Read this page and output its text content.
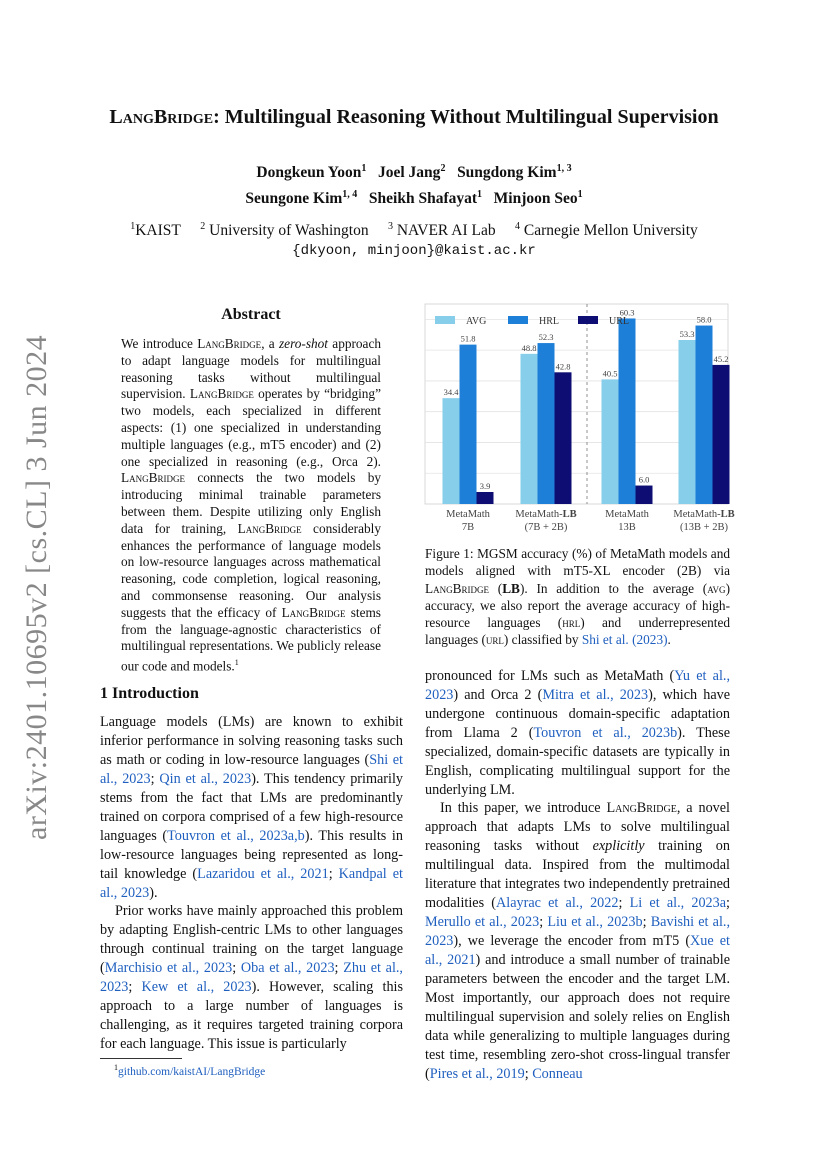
arXiv:2401.10695v2 [cs.CL] 3 Jun 2024
LangBridge: Multilingual Reasoning Without Multilingual Supervision
Dongkeun Yoon$^1$ Joel Jang$^2$ Sungdong Kim$^{1, 3}$
Seungone Kim$^{1, 4}$ Sheikh Shafayat$^1$ Minjoon Seo$^1$
$^1$KAIST $^2$ University of Washington $^3$ NAVER AI Lab $^4$ Carnegie Mellon University
{dkyoon, minjoon}@kaist.ac.kr
Abstract
We introduce LangBridge, a zero-shot approach to adapt language models for multilingual reasoning tasks without multilingual supervision. LangBridge operates by “bridging” two models, each specialized in different aspects: (1) one specialized in understanding multiple languages (e.g., mT5 encoder) and (2) one specialized in reasoning (e.g., Orca 2). LangBridge connects the two models by introducing minimal trainable parameters between them. Despite utilizing only English data for training, LangBridge considerably enhances the performance of language models on low-resource languages across mathematical reasoning, code completion, logical reasoning, and commonsense reasoning. Our analysis suggests that the efficacy of LangBridge stems from the language-agnostic characteristics of multilingual representations. We publicly release our code and models.$^1$
1 Introduction
Language models (LMs) are known to exhibit inferior performance in solving reasoning tasks such as math or coding in low-resource languages (Shi et al., 2023; Qin et al., 2023). This tendency primarily stems from the fact that LMs are predominantly trained on corpora comprised of a few high-resource languages (Touvron et al., 2023a,b). This results in low-resource languages being represented as long-tail knowledge (Lazaridou et al., 2021; Kandpal et al., 2023).
Prior works have mainly approached this problem by adapting English-centric LMs to other languages through continual training on the target language (Marchisio et al., 2023; Oba et al., 2023; Zhu et al., 2023; Kew et al., 2023). However, scaling this approach to a large number of languages is challenging, as it requires targeted training corpora for each language. This issue is particularly
$^1$github.com/kaistAI/LangBridge
34.4
48.8
40.5
53.3
51.8	52.3
60.3
58.0
3.9
42.8
6.0
45.2
AVG	HRL	URL
MetaMath
7B
MetaMath-LB
(7B + 2B)
MetaMath
13B
MetaMath-LB
(13B + 2B)
Figure 1: MGSM accuracy (%) of MetaMath models and models aligned with mT5-XL encoder (2B) via LangBridge (LB). In addition to the average (avg) accuracy, we also report the average accuracy of high-resource languages (hrl) and underrepresented languages (url) classified by Shi et al. (2023).
pronounced for LMs such as MetaMath (Yu et al., 2023) and Orca 2 (Mitra et al., 2023), which have undergone continuous domain-specific adaptation from Llama 2 (Touvron et al., 2023b). These specialized, domain-specific datasets are typically in English, complicating multilingual support for the underlying LM.
In this paper, we introduce LangBridge, a novel approach that adapts LMs to solve multilingual reasoning tasks without explicitly training on multilingual data. Inspired from the multimodal literature that integrates two independently pretrained modalities (Alayrac et al., 2022; Li et al., 2023a; Merullo et al., 2023; Liu et al., 2023b; Bavishi et al., 2023), we leverage the encoder from mT5 (Xue et al., 2021) and introduce a small number of trainable parameters between the encoder and the target LM. Most importantly, our approach does not require multilingual supervision and solely relies on English data while generalizing to multiple languages during test time, resembling zero-shot cross-lingual transfer (Pires et al., 2019; Conneau
